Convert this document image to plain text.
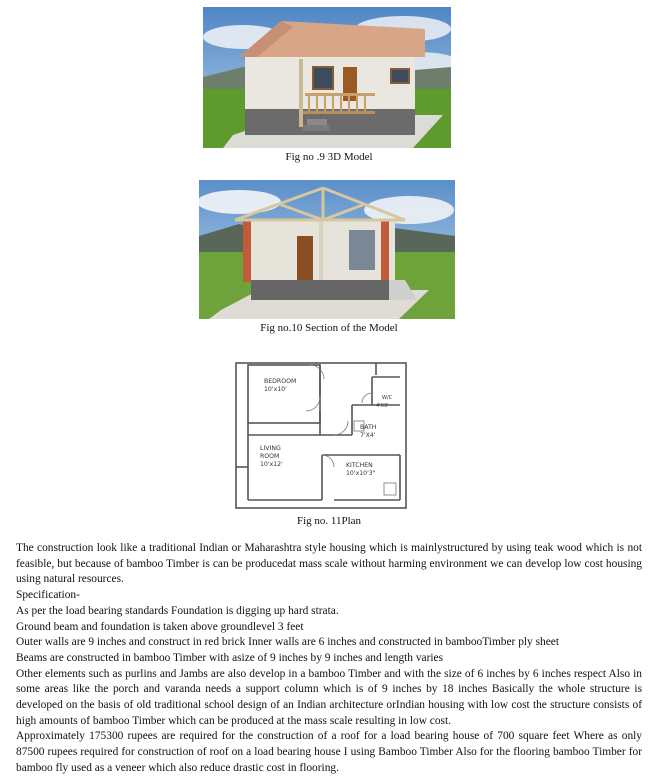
Fig no .9 3D Model
Fig no.10 Section of the Model
BEDROOM
10'x10'
LIVING
ROOM
10'x12'	KITCHEN
10'x10'3"
BATH
7'X4'
W/C
4'X3'
Fig no. 11Plan

The construction look like a traditional Indian or Maharashtra style housing which is mainlystructured by using teak wood which is not feasible, but because of bamboo Timber is can be producedat mass scale without harming environment we can develop low cost housing using natural resources.

Specification-

As per the load bearing standards Foundation is digging up hard strata.

Ground beam and foundation is taken above groundlevel 3 feet

Outer walls are 9 inches and construct in red brick Inner walls are 6 inches and constructed in bambooTimber ply sheet

Beams are constructed in bamboo Timber with asize of 9 inches by 9 inches and length varies

Other elements such as purlins and Jambs are also develop in a bamboo Timber and with the size of 6 inches by 6 inches respect Also in some areas like the porch and varanda needs a support column which is of 9 inches by 18 inches Basically the whole structure is developed on the basis of old traditional school design of an Indian architecture orIndian housing with low cost the structure consists of high amounts of bamboo Timber which can be produced at the mass scale resulting in low cost.

Approximately 175300 rupees are required for the construction of a roof for a load bearing house of 700 square feet Where as only 87500 rupees required for construction of roof on a load bearing house I using Bamboo Timber Also for the flooring bamboo Timber for bamboo fly used as a veneer which also reduce drastic cost in flooring.
